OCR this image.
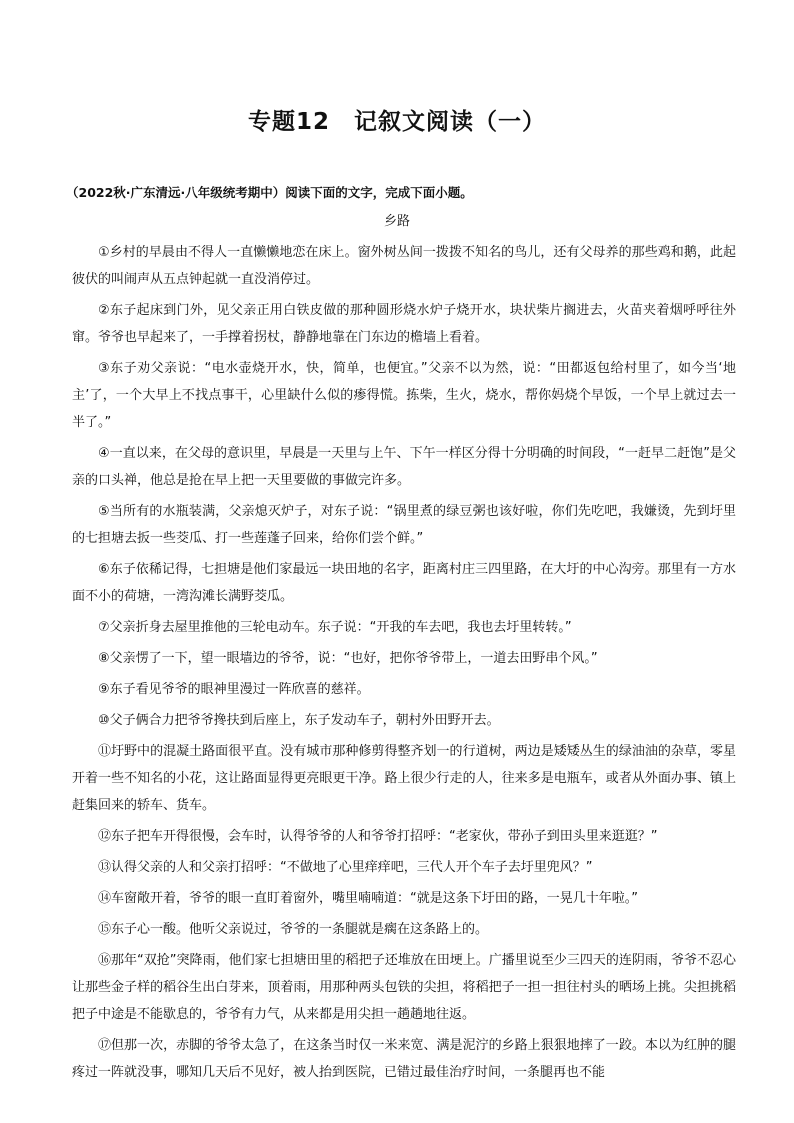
专题12　记叙文阅读（一）
（2022秋·广东清远·八年级统考期中）阅读下面的文字，完成下面小题。
乡路

①乡村的早晨由不得人一直懒懒地恋在床上。窗外树丛间一拨拨不知名的鸟儿，还有父母养的那些鸡和鹅，此起彼伏的叫闹声从五点钟起就一直没消停过。

②东子起床到门外，见父亲正用白铁皮做的那种圆形烧水炉子烧开水，块状柴片搁进去，火苗夹着烟呼呼往外窜。爷爷也早起来了，一手撑着拐杖，静静地靠在门东边的檐墙上看着。

③东子劝父亲说：“电水壶烧开水，快，简单，也便宜。”父亲不以为然，说：“田都返包给村里了，如今当‘地主’了，一个大早上不找点事干，心里缺什么似的瘆得慌。拣柴，生火，烧水，帮你妈烧个早饭，一个早上就过去一半了。”

④一直以来，在父母的意识里，早晨是一天里与上午、下午一样区分得十分明确的时间段，“一赶早二赶饱”是父亲的口头禅，他总是抢在早上把一天里要做的事做完许多。

⑤当所有的水瓶装满，父亲熄灭炉子，对东子说：“锅里煮的绿豆粥也该好啦，你们先吃吧，我嫌烫，先到圩里的七担塘去扳一些茭瓜、打一些莲蓬子回来，给你们尝个鲜。”

⑥东子依稀记得，七担塘是他们家最远一块田地的名字，距离村庄三四里路，在大圩的中心沟旁。那里有一方水面不小的荷塘，一湾沟滩长满野茭瓜。

⑦父亲折身去屋里推他的三轮电动车。东子说：“开我的车去吧，我也去圩里转转。”

⑧父亲愣了一下，望一眼墙边的爷爷，说：“也好，把你爷爷带上，一道去田野串个风。”

⑨东子看见爷爷的眼神里漫过一阵欣喜的慈祥。

⑩父子俩合力把爷爷搀扶到后座上，东子发动车子，朝村外田野开去。

⑪圩野中的混凝土路面很平直。没有城市那种修剪得整齐划一的行道树，两边是矮矮丛生的绿油油的杂草，零星开着一些不知名的小花，这让路面显得更亮眼更干净。路上很少行走的人，往来多是电瓶车，或者从外面办事、镇上赶集回来的轿车、货车。

⑫东子把车开得很慢，会车时，认得爷爷的人和爷爷打招呼：“老家伙，带孙子到田头里来逛逛？”

⑬认得父亲的人和父亲打招呼：“不做地了心里痒痒吧，三代人开个车子去圩里兜风？”

⑭车窗敞开着，爷爷的眼一直盯着窗外，嘴里喃喃道：“就是这条下圩田的路，一晃几十年啦。”

⑮东子心一酸。他听父亲说过，爷爷的一条腿就是瘸在这条路上的。

⑯那年“双抢”突降雨，他们家七担塘田里的稻把子还堆放在田埂上。广播里说至少三四天的连阴雨，爷爷不忍心让那些金子样的稻谷生出白芽来，顶着雨，用那种两头包铁的尖担，将稻把子一担一担往村头的晒场上挑。尖担挑稻把子中途是不能歇息的，爷爷有力气，从来都是用尖担一趟趟地往返。

⑰但那一次，赤脚的爷爷太急了，在这条当时仅一米来宽、满是泥泞的乡路上狠狠地摔了一跤。本以为红肿的腿疼过一阵就没事，哪知几天后不见好，被人抬到医院，已错过最佳治疗时间，一条腿再也不能
